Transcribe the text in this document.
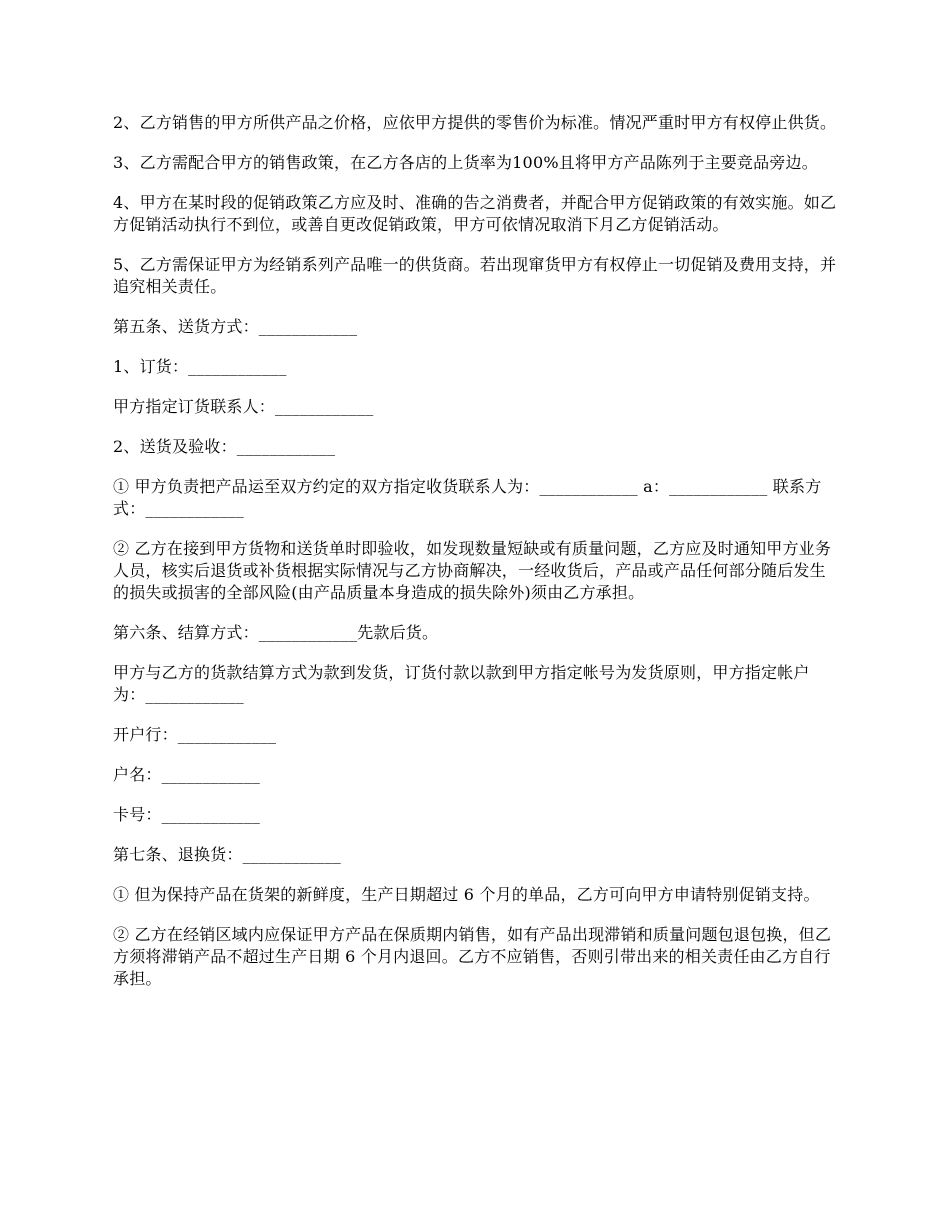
2、乙方销售的甲方所供产品之价格，应依甲方提供的零售价为标准。情况严重时甲方有权停止供货。

3、乙方需配合甲方的销售政策，在乙方各店的上货率为100%且将甲方产品陈列于主要竞品旁边。

4、甲方在某时段的促销政策乙方应及时、准确的告之消费者，并配合甲方促销政策的有效实施。如乙方促销活动执行不到位，或善自更改促销政策，甲方可依情况取消下月乙方促销活动。

5、乙方需保证甲方为经销系列产品唯一的供货商。若出现窜货甲方有权停止一切促销及费用支持，并追究相关责任。

第五条、送货方式：____________

1、订货：____________

甲方指定订货联系人：____________

2、送货及验收：____________

① 甲方负责把产品运至双方约定的双方指定收货联系人为：____________ a：____________ 联系方式：____________

② 乙方在接到甲方货物和送货单时即验收，如发现数量短缺或有质量问题，乙方应及时通知甲方业务人员，核实后退货或补货根据实际情况与乙方协商解决，一经收货后，产品或产品任何部分随后发生的损失或损害的全部风险(由产品质量本身造成的损失除外)须由乙方承担。

第六条、结算方式：____________先款后货。

甲方与乙方的货款结算方式为款到发货，订货付款以款到甲方指定帐号为发货原则，甲方指定帐户为：____________

开户行：____________

户名：____________

卡号：____________

第七条、退换货：____________

① 但为保持产品在货架的新鲜度，生产日期超过 6 个月的单品，乙方可向甲方申请特别促销支持。

② 乙方在经销区域内应保证甲方产品在保质期内销售，如有产品出现滞销和质量问题包退包换，但乙方须将滞销产品不超过生产日期 6 个月内退回。乙方不应销售，否则引带出来的相关责任由乙方自行承担。
